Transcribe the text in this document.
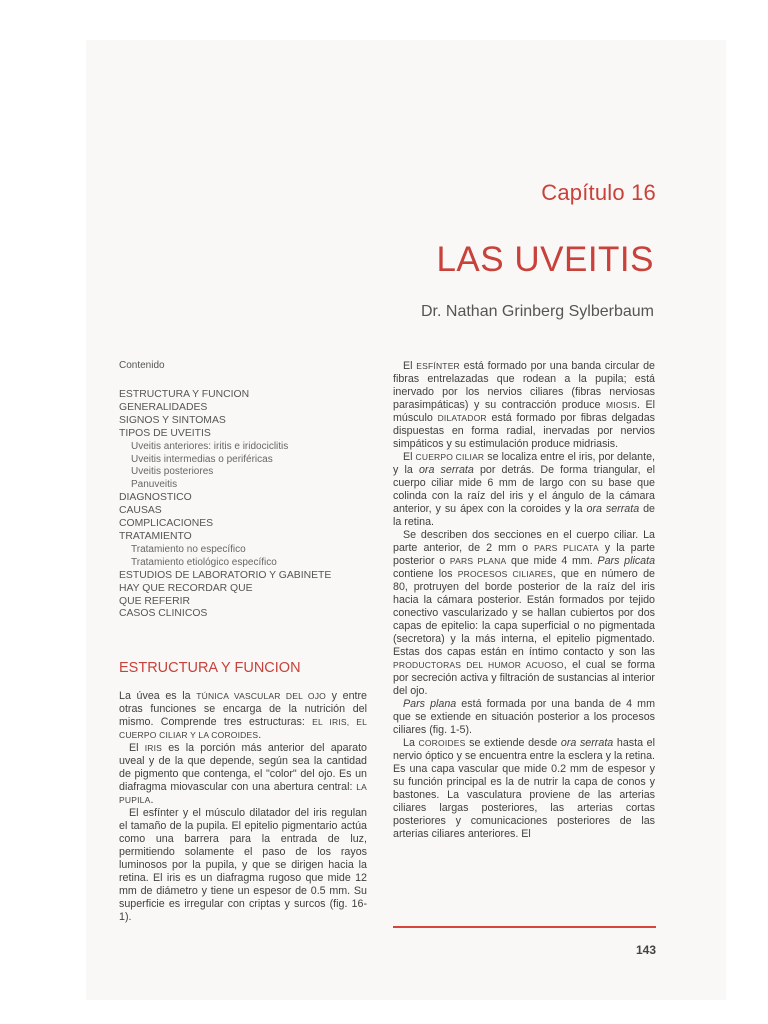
Capítulo 16
LAS UVEITIS
Dr. Nathan Grinberg Sylberbaum
Contenido
ESTRUCTURA Y FUNCION
GENERALIDADES
SIGNOS Y SINTOMAS
TIPOS DE UVEITIS
Uveitis anteriores: iritis e iridociclitis
Uveitis intermedias o periféricas
Uveitis posteriores
Panuveitis
DIAGNOSTICO
CAUSAS
COMPLICACIONES
TRATAMIENTO
Tratamiento no específico
Tratamiento etiológico específico
ESTUDIOS DE LABORATORIO Y GABINETE
HAY QUE RECORDAR QUE
QUE REFERIR
CASOS CLINICOS
ESTRUCTURA Y FUNCION

La úvea es la TÚNICA VASCULAR DEL OJO y entre otras funciones se encarga de la nutrición del mismo. Comprende tres estructuras: EL IRIS, EL CUERPO CILIAR Y LA COROIDES.

El IRIS es la porción más anterior del aparato uveal y de la que depende, según sea la cantidad de pigmento que contenga, el "color" del ojo. Es un diafragma miovascular con una abertura central: LA PUPILA.

El esfínter y el músculo dilatador del iris regulan el tamaño de la pupila. El epitelio pigmentario actúa como una barrera para la entrada de luz, permitiendo solamente el paso de los rayos luminosos por la pupila, y que se dirigen hacia la retina. El iris es un diafragma rugoso que mide 12 mm de diámetro y tiene un espesor de 0.5 mm. Su superficie es irregular con criptas y surcos (fig. 16-1).

El ESFÍNTER está formado por una banda circular de fibras entrelazadas que rodean a la pupila; está inervado por los nervios ciliares (fibras nerviosas parasimpáticas) y su contracción produce MIOSIS. El músculo DILATADOR está formado por fibras delgadas dispuestas en forma radial, inervadas por nervios simpáticos y su estimulación produce midriasis.

El CUERPO CILIAR se localiza entre el iris, por delante, y la ora serrata por detrás. De forma triangular, el cuerpo ciliar mide 6 mm de largo con su base que colinda con la raíz del iris y el ángulo de la cámara anterior, y su ápex con la coroides y la ora serrata de la retina.

Se describen dos secciones en el cuerpo ciliar. La parte anterior, de 2 mm o PARS PLICATA y la parte posterior o PARS PLANA que mide 4 mm. Pars plicata contiene los PROCESOS CILIARES, que en número de 80, protruyen del borde posterior de la raíz del iris hacia la cámara posterior. Están formados por tejido conectivo vascularizado y se hallan cubiertos por dos capas de epitelio: la capa superficial o no pigmentada (secretora) y la más interna, el epitelio pigmentado. Estas dos capas están en íntimo contacto y son las PRODUCTORAS DEL HUMOR ACUOSO, el cual se forma por secreción activa y filtración de sustancias al interior del ojo.

Pars plana está formada por una banda de 4 mm que se extiende en situación posterior a los procesos ciliares (fig. 1-5).

La COROIDES se extiende desde ora serrata hasta el nervio óptico y se encuentra entre la esclera y la retina. Es una capa vascular que mide 0.2 mm de espesor y su función principal es la de nutrir la capa de conos y bastones. La vasculatura proviene de las arterias ciliares largas posteriores, las arterias cortas posteriores y comunicaciones posteriores de las arterias ciliares anteriores. El

143
